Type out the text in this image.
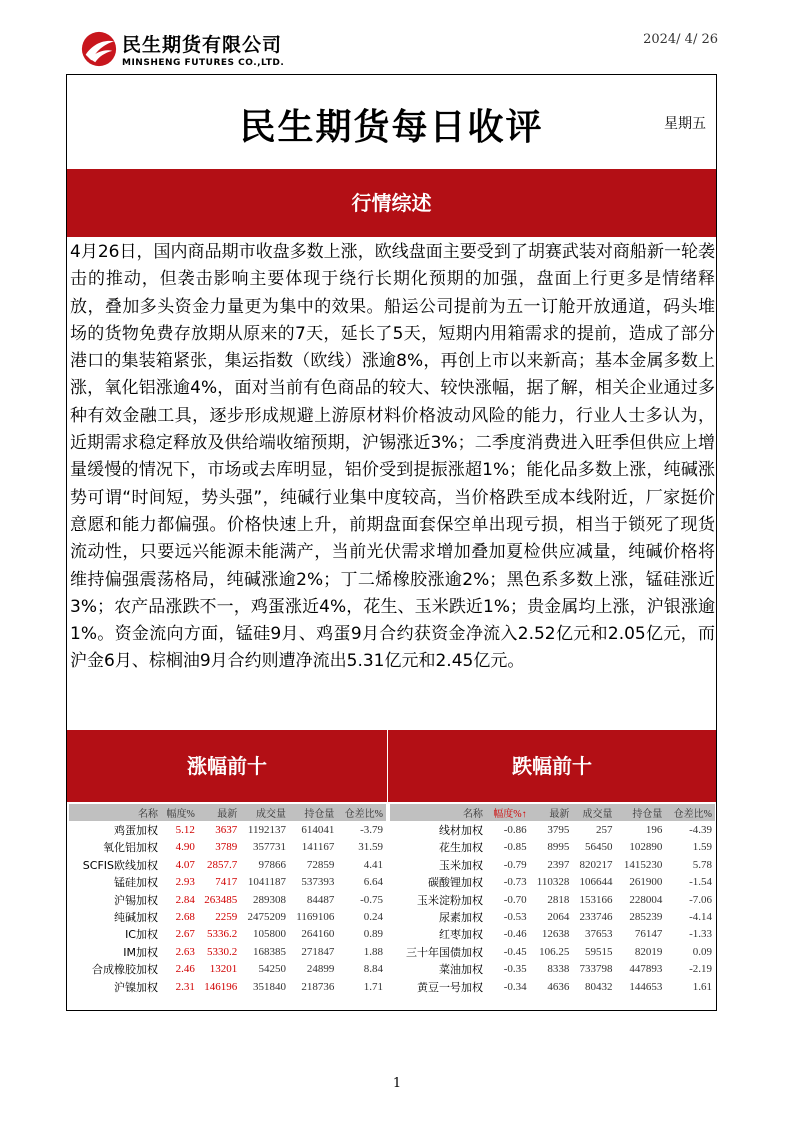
民生期货有限公司
MINSHENG FUTURES CO.,LTD.
2024/ 4/ 26
民生期货每日收评	星期五
行情综述
4月26日，国内商品期市收盘多数上涨，欧线盘面主要受到了胡赛武装对商船新一轮袭击的推动，但袭击影响主要体现于绕行长期化预期的加强，盘面上行更多是情绪释放，叠加多头资金力量更为集中的效果。船运公司提前为五一订舱开放通道，码头堆场的货物免费存放期从原来的7天，延长了5天，短期内用箱需求的提前，造成了部分港口的集装箱紧张，集运指数（欧线）涨逾8%，再创上市以来新高；基本金属多数上涨，氧化铝涨逾4%，面对当前有色商品的较大、较快涨幅，据了解，相关企业通过多种有效金融工具，逐步形成规避上游原材料价格波动风险的能力，行业人士多认为，近期需求稳定释放及供给端收缩预期，沪锡涨近3%；二季度消费进入旺季但供应上增量缓慢的情况下，市场或去库明显，铝价受到提振涨超1%；能化品多数上涨，纯碱涨势可谓“时间短，势头强”，纯碱行业集中度较高，当价格跌至成本线附近，厂家挺价意愿和能力都偏强。价格快速上升，前期盘面套保空单出现亏损，相当于锁死了现货流动性，只要远兴能源未能满产，当前光伏需求增加叠加夏检供应减量，纯碱价格将维持偏强震荡格局，纯碱涨逾2%；丁二烯橡胶涨逾2%；黑色系多数上涨，锰硅涨近3%；农产品涨跌不一，鸡蛋涨近4%，花生、玉米跌近1%；贵金属均上涨，沪银涨逾1%。资金流向方面，锰硅9月、鸡蛋9月合约获资金净流入2.52亿元和2.05亿元，而沪金6月、棕榈油9月合约则遭净流出5.31亿元和2.45亿元。
涨幅前十	跌幅前十
名称	幅度%	最新	成交量	持仓量	仓差比%
鸡蛋加权	5.12	3637	1192137	614041	-3.79
氧化铝加权	4.90	3789	357731	141167	31.59
SCFIS欧线加权	4.07	2857.7	97866	72859	4.41
锰硅加权	2.93	7417	1041187	537393	6.64
沪锡加权	2.84	263485	289308	84487	-0.75
纯碱加权	2.68	2259	2475209	1169106	0.24
IC加权	2.67	5336.2	105800	264160	0.89
IM加权	2.63	5330.2	168385	271847	1.88
合成橡胶加权	2.46	13201	54250	24899	8.84
沪镍加权	2.31	146196	351840	218736	1.71
名称	幅度%↑	最新	成交量	持仓量	仓差比%
线材加权	-0.86	3795	257	196	-4.39
花生加权	-0.85	8995	56450	102890	1.59
玉米加权	-0.79	2397	820217	1415230	5.78
碳酸锂加权	-0.73	110328	106644	261900	-1.54
玉米淀粉加权	-0.70	2818	153166	228004	-7.06
尿素加权	-0.53	2064	233746	285239	-4.14
红枣加权	-0.46	12638	37653	76147	-1.33
三十年国债加权	-0.45	106.25	59515	82019	0.09
菜油加权	-0.35	8338	733798	447893	-2.19
黄豆一号加权	-0.34	4636	80432	144653	1.61
1
